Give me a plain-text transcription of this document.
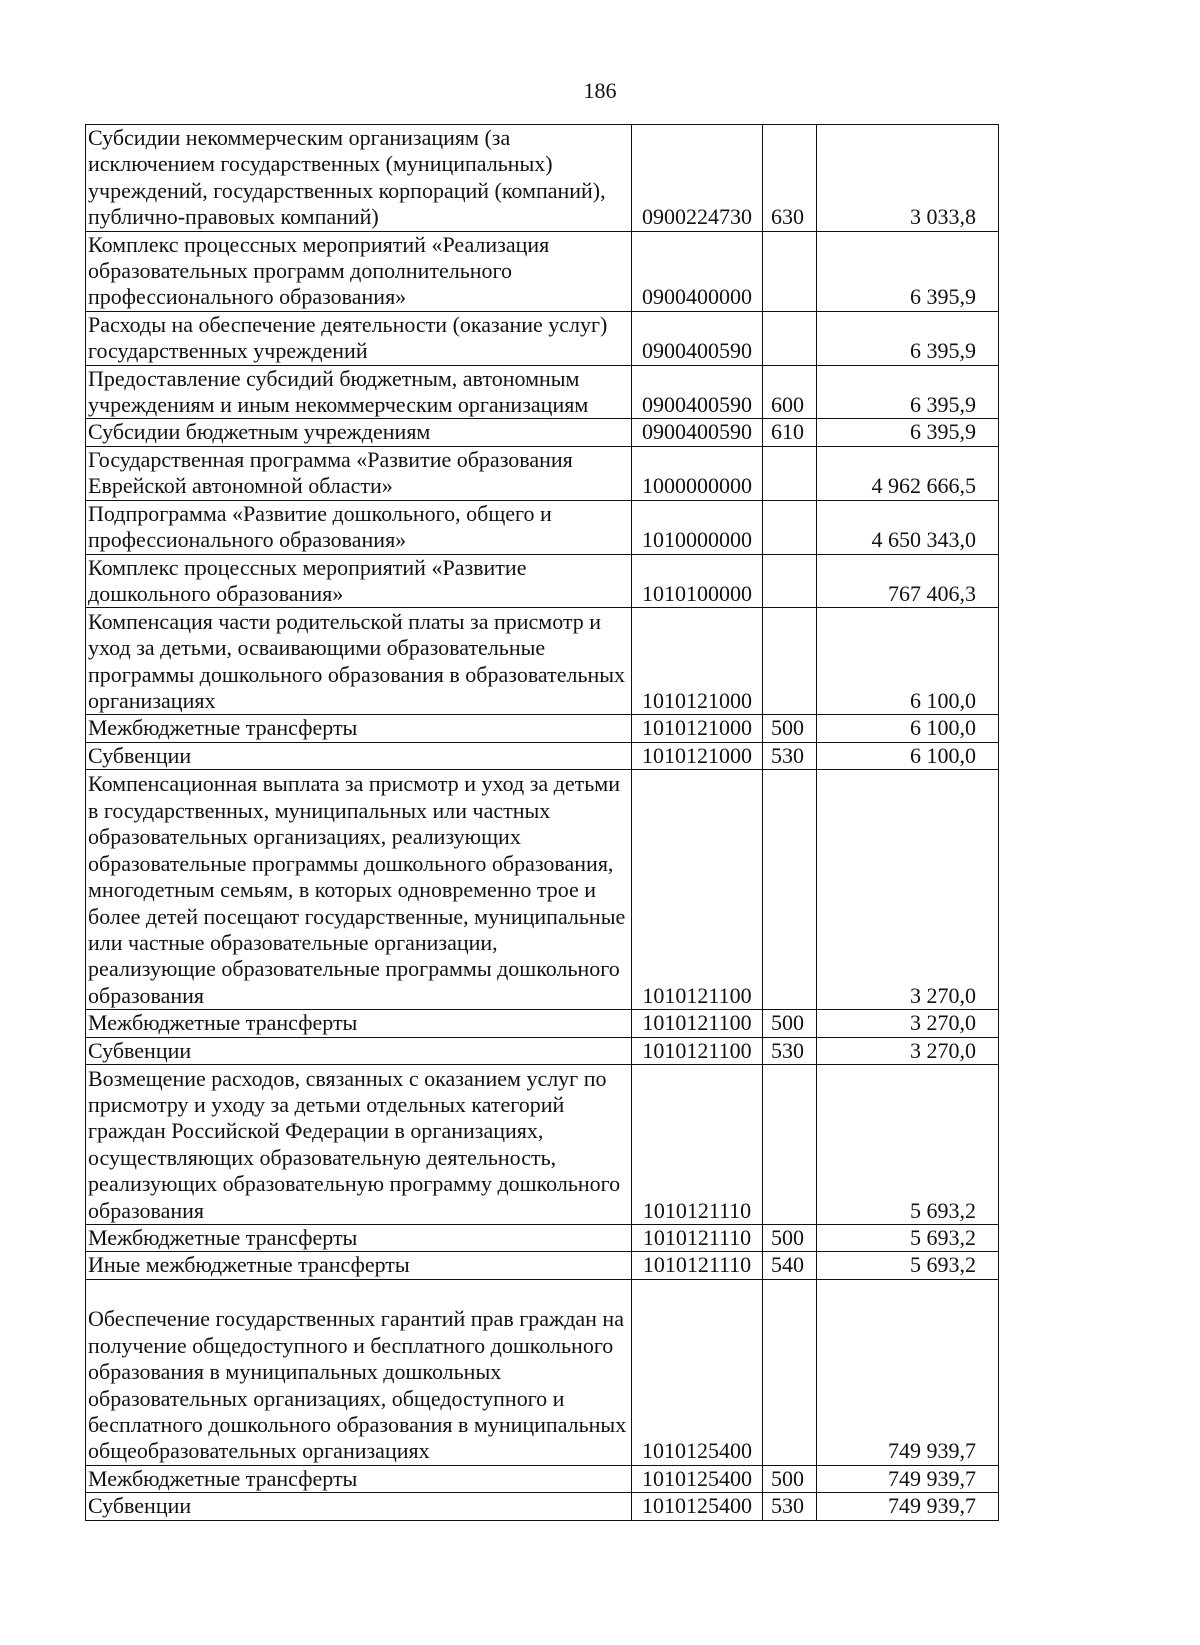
186
Субсидии некоммерческим организациям (за исключением государственных (муниципальных) учреждений, государственных корпораций (компаний), публично-правовых компаний)	0900224730	630	3 033,8
Комплекс процессных мероприятий «Реализация образовательных программ дополнительного профессионального образования»	0900400000		6 395,9
Расходы на обеспечение деятельности (оказание услуг) государственных учреждений	0900400590		6 395,9
Предоставление субсидий бюджетным, автономным учреждениям и иным некоммерческим организациям	0900400590	600	6 395,9
Субсидии бюджетным учреждениям	0900400590	610	6 395,9
Государственная программа «Развитие образования Еврейской автономной области»	1000000000		4 962 666,5
Подпрограмма «Развитие дошкольного, общего и профессионального образования»	1010000000		4 650 343,0
Комплекс процессных мероприятий «Развитие дошкольного образования»	1010100000		767 406,3
Компенсация части родительской платы за присмотр и уход за детьми, осваивающими образовательные программы дошкольного образования в образовательных организациях	1010121000		6 100,0
Межбюджетные трансферты	1010121000	500	6 100,0
Субвенции	1010121000	530	6 100,0
Компенсационная выплата за присмотр и уход за детьми в государственных, муниципальных или частных образовательных организациях, реализующих образовательные программы дошкольного образования, многодетным семьям, в которых одновременно трое и более детей посещают государственные, муниципальные или частные образовательные организации, реализующие образовательные программы дошкольного образования	1010121100		3 270,0
Межбюджетные трансферты	1010121100	500	3 270,0
Субвенции	1010121100	530	3 270,0
Возмещение расходов, связанных с оказанием услуг по присмотру и уходу за детьми отдельных категорий граждан Российской Федерации в организациях, осуществляющих образовательную деятельность, реализующих образовательную программу дошкольного образования	1010121110		5 693,2
Межбюджетные трансферты	1010121110	500	5 693,2
Иные межбюджетные трансферты	1010121110	540	5 693,2
Обеспечение государственных гарантий прав граждан на получение общедоступного и бесплатного дошкольного образования в муниципальных дошкольных образовательных организациях, общедоступного и бесплатного дошкольного образования в муниципальных общеобразовательных организациях	1010125400		749 939,7
Межбюджетные трансферты	1010125400	500	749 939,7
Субвенции	1010125400	530	749 939,7
